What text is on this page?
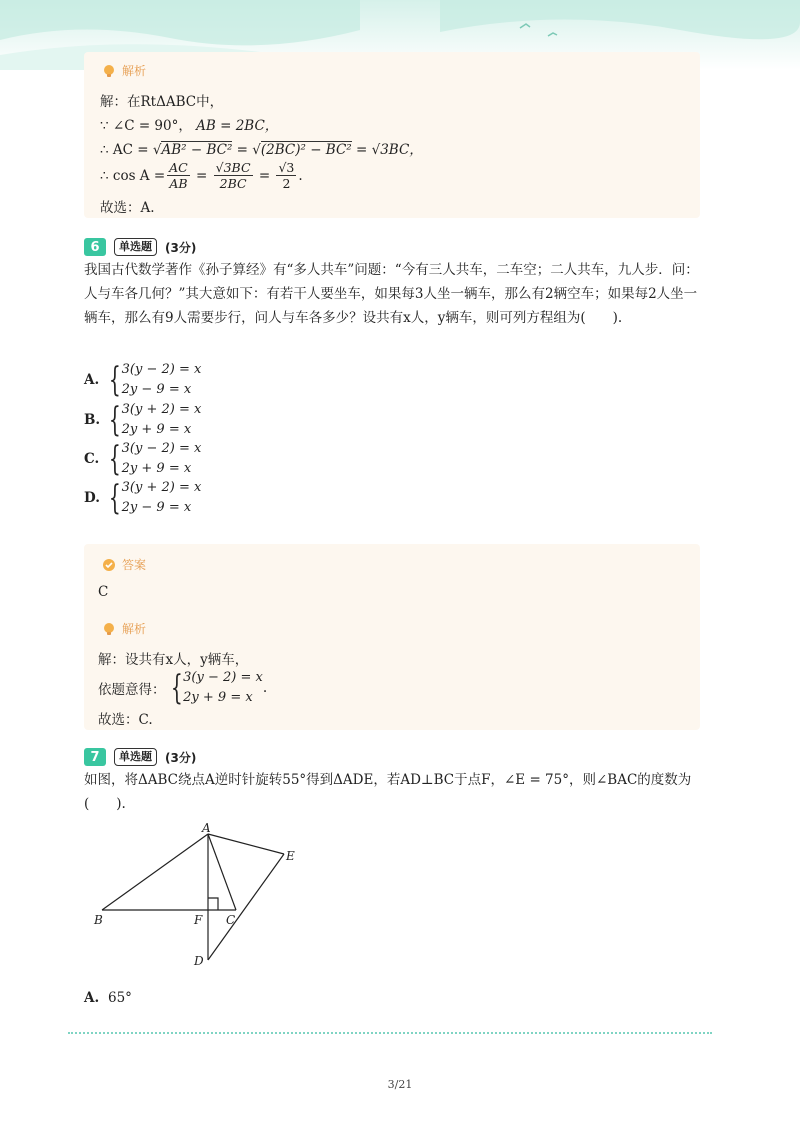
解析
解：在RtΔABC中，
∵ ∠C = 90°， AB = 2BC，
∴ AC = √AB² − BC² = √(2BC)² − BC² = √3BC，
∴ $\cos A = \frac{AC}{AB} = \frac{√3BC}{2BC} = \frac{√3}{2}$ .
故选：A.
6	单选题	(3分)
我国古代数学著作《孙子算经》有“多人共车”问题：“今有三人共车，二车空；二人共车，九人步．问：人与车各几何？”其大意如下：有若干人要坐车，如果每3人坐一辆车，那么有2辆空车；如果每2人坐一辆车，那么有9人需要步行，问人与车各多少？设共有x人，y辆车，则可列方程组为(　　).
A. { 3(y − 2) = x
2y − 9 = x
B. { 3(y + 2) = x
2y + 9 = x
C. { 3(y − 2) = x
2y + 9 = x
D. { 3(y + 2) = x
2y − 9 = x
答案
C
解析
解：设共有x人，y辆车，
依题意得： { 3(y − 2) = x
2y + 9 = x
.
故选：C.
7	单选题	(3分)
如图，将ΔABC绕点A逆时针旋转55°得到ΔADE，若AD⊥BC于点F，∠E = 75°，则∠BAC的度数为(　　).
A
B	C
D
E
F
A. 65°
3/21
